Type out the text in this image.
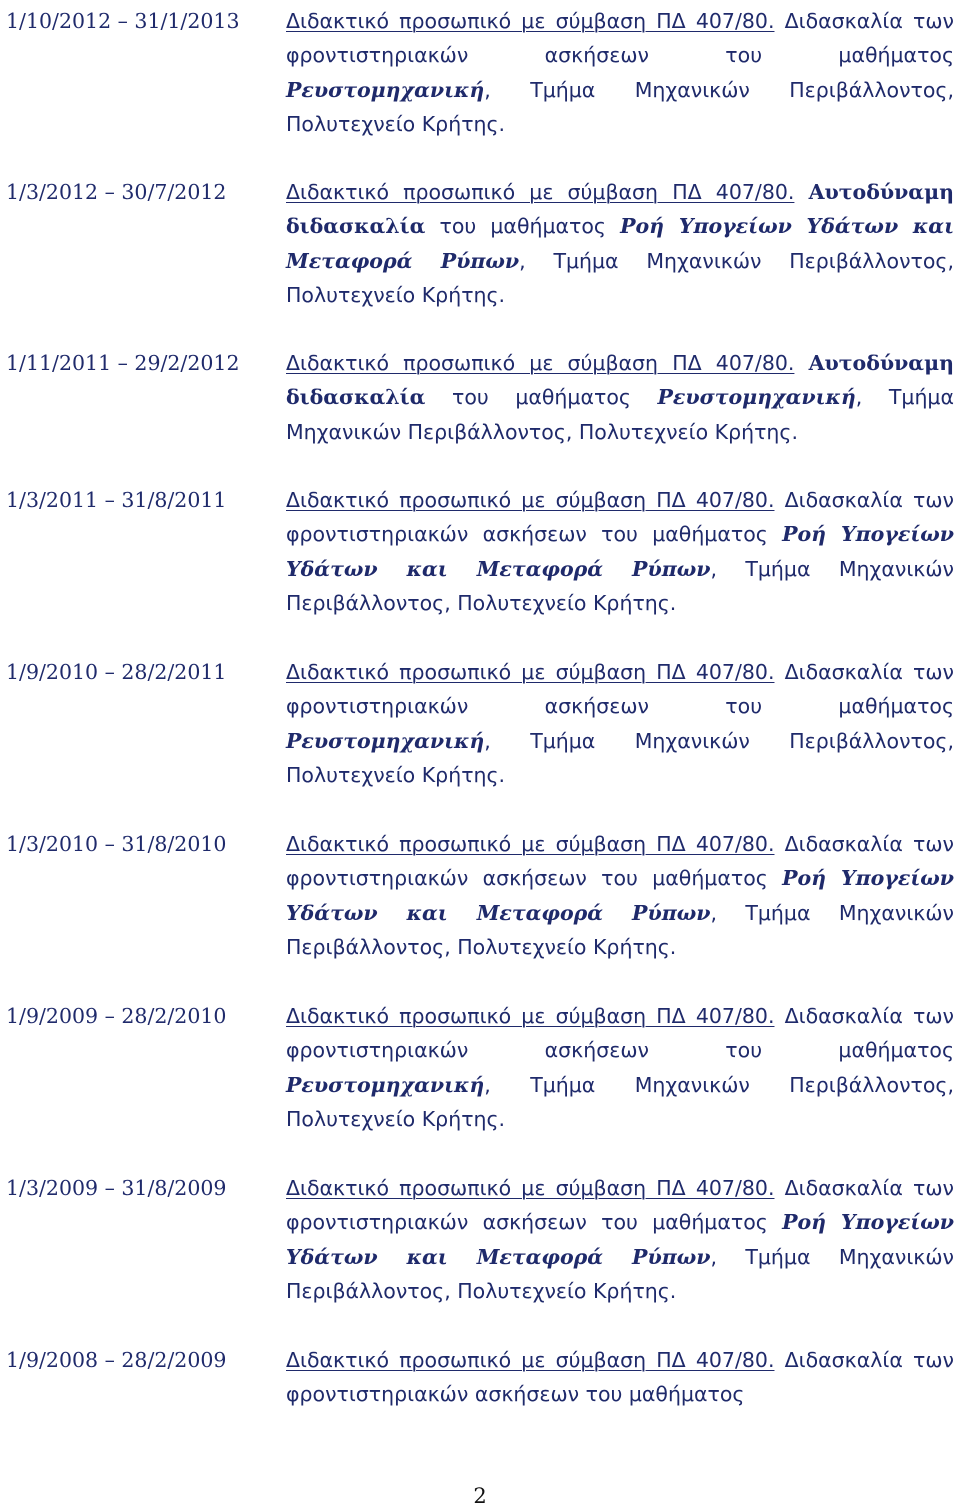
1/10/2012 – 31/1/2013	Διδακτικό προσωπικό με σύμβαση ΠΔ 407/80. Διδασκαλία των φροντιστηριακών ασκήσεων του μαθήματος Ρευστομηχανική, Τμήμα Μηχανικών Περιβάλλοντος, Πολυτεχνείο Κρήτης.
1/3/2012 – 30/7/2012	Διδακτικό προσωπικό με σύμβαση ΠΔ 407/80. Αυτοδύναμη διδασκαλία του μαθήματος Ροή Υπογείων Υδάτων και Μεταφορά Ρύπων, Τμήμα Μηχανικών Περιβάλλοντος, Πολυτεχνείο Κρήτης.
1/11/2011 – 29/2/2012	Διδακτικό προσωπικό με σύμβαση ΠΔ 407/80. Αυτοδύναμη διδασκαλία του μαθήματος Ρευστομηχανική, Τμήμα Μηχανικών Περιβάλλοντος, Πολυτεχνείο Κρήτης.
1/3/2011 – 31/8/2011	Διδακτικό προσωπικό με σύμβαση ΠΔ 407/80. Διδασκαλία των φροντιστηριακών ασκήσεων του μαθήματος Ροή Υπογείων Υδάτων και Μεταφορά Ρύπων, Τμήμα Μηχανικών Περιβάλλοντος, Πολυτεχνείο Κρήτης.
1/9/2010 – 28/2/2011	Διδακτικό προσωπικό με σύμβαση ΠΔ 407/80. Διδασκαλία των φροντιστηριακών ασκήσεων του μαθήματος Ρευστομηχανική, Τμήμα Μηχανικών Περιβάλλοντος, Πολυτεχνείο Κρήτης.
1/3/2010 – 31/8/2010	Διδακτικό προσωπικό με σύμβαση ΠΔ 407/80. Διδασκαλία των φροντιστηριακών ασκήσεων του μαθήματος Ροή Υπογείων Υδάτων και Μεταφορά Ρύπων, Τμήμα Μηχανικών Περιβάλλοντος, Πολυτεχνείο Κρήτης.
1/9/2009 – 28/2/2010	Διδακτικό προσωπικό με σύμβαση ΠΔ 407/80. Διδασκαλία των φροντιστηριακών ασκήσεων του μαθήματος Ρευστομηχανική, Τμήμα Μηχανικών Περιβάλλοντος, Πολυτεχνείο Κρήτης.
1/3/2009 – 31/8/2009	Διδακτικό προσωπικό με σύμβαση ΠΔ 407/80. Διδασκαλία των φροντιστηριακών ασκήσεων του μαθήματος Ροή Υπογείων Υδάτων και Μεταφορά Ρύπων, Τμήμα Μηχανικών Περιβάλλοντος, Πολυτεχνείο Κρήτης.
1/9/2008 – 28/2/2009	Διδακτικό προσωπικό με σύμβαση ΠΔ 407/80. Διδασκαλία των φροντιστηριακών ασκήσεων του μαθήματος
2
